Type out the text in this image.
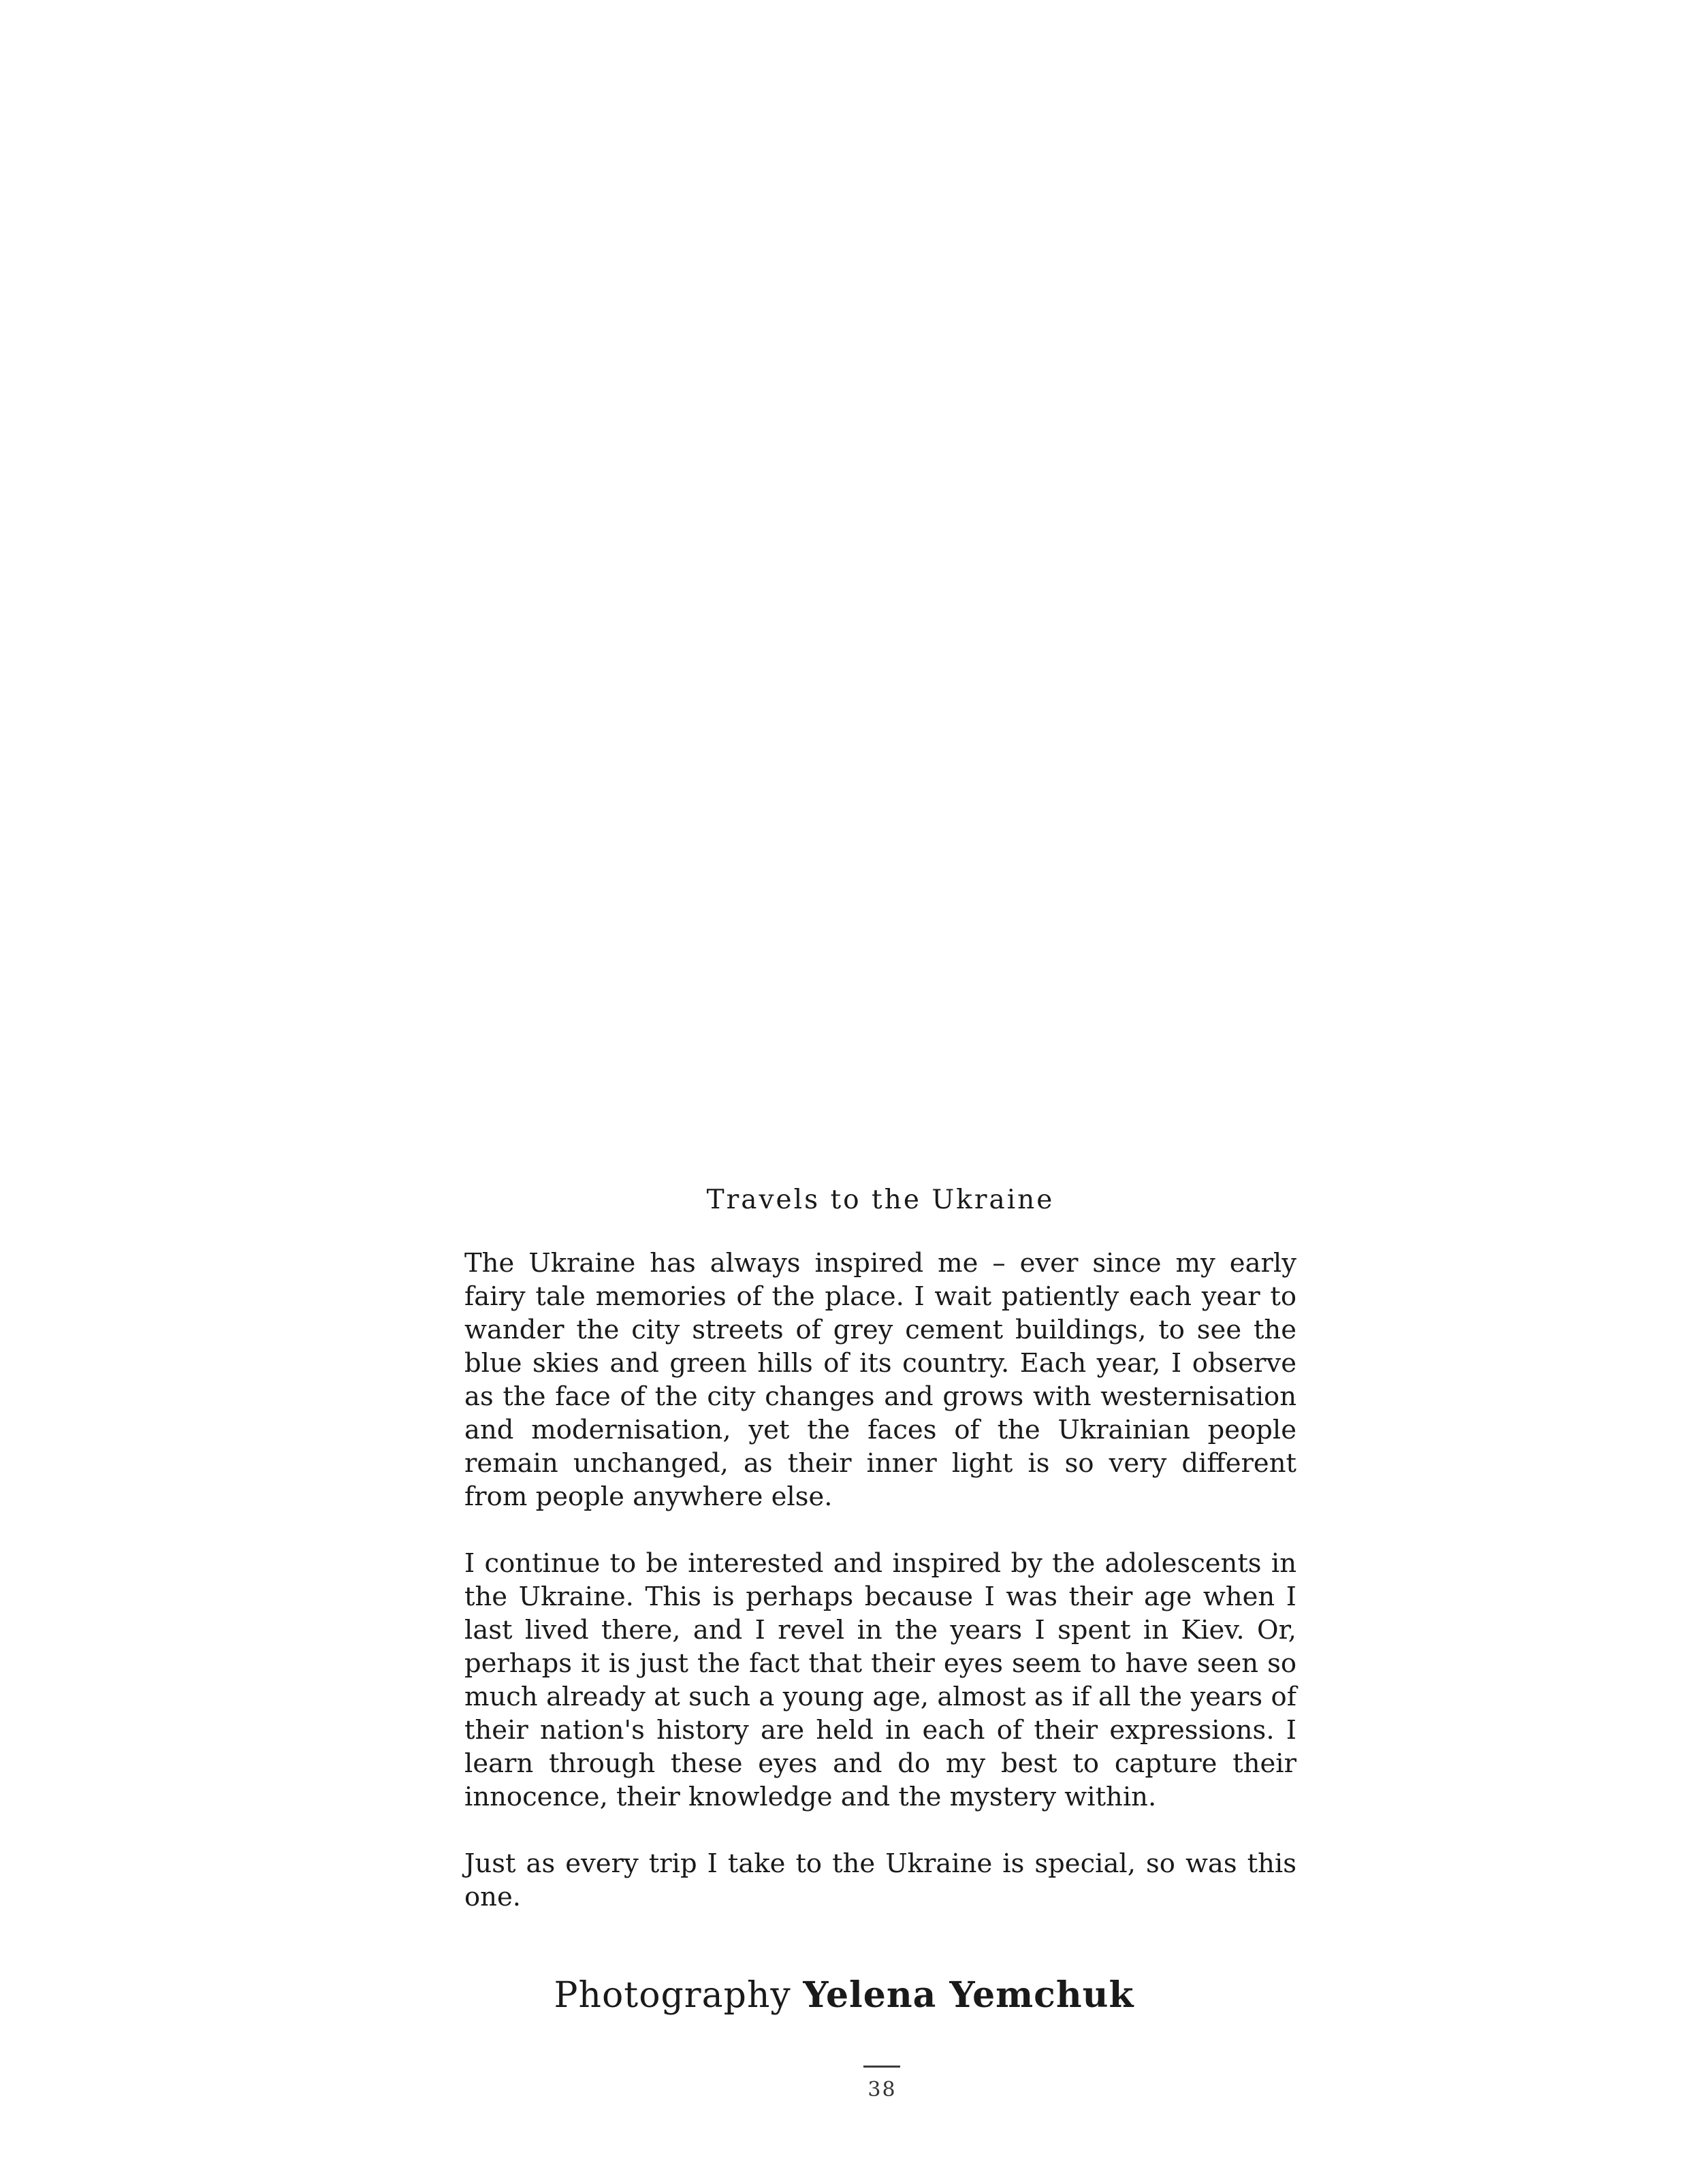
Travels to the Ukraine

The Ukraine has always inspired me – ever since my early fairy tale memories of the place. I wait patiently each year to wander the city streets of grey cement buildings, to see the blue skies and green hills of its country. Each year, I observe as the face of the city changes and grows with westernisation and modernisation, yet the faces of the Ukrainian people remain unchanged, as their inner light is so very different from people anywhere else.

I continue to be interested and inspired by the adolescents in the Ukraine. This is perhaps because I was their age when I last lived there, and I revel in the years I spent in Kiev. Or, perhaps it is just the fact that their eyes seem to have seen so much already at such a young age, almost as if all the years of their nation's history are held in each of their expressions. I learn through these eyes and do my best to capture their innocence, their knowledge and the mystery within.

Just as every trip I take to the Ukraine is special, so was this one.

Photography Yelena Yemchuk
38
